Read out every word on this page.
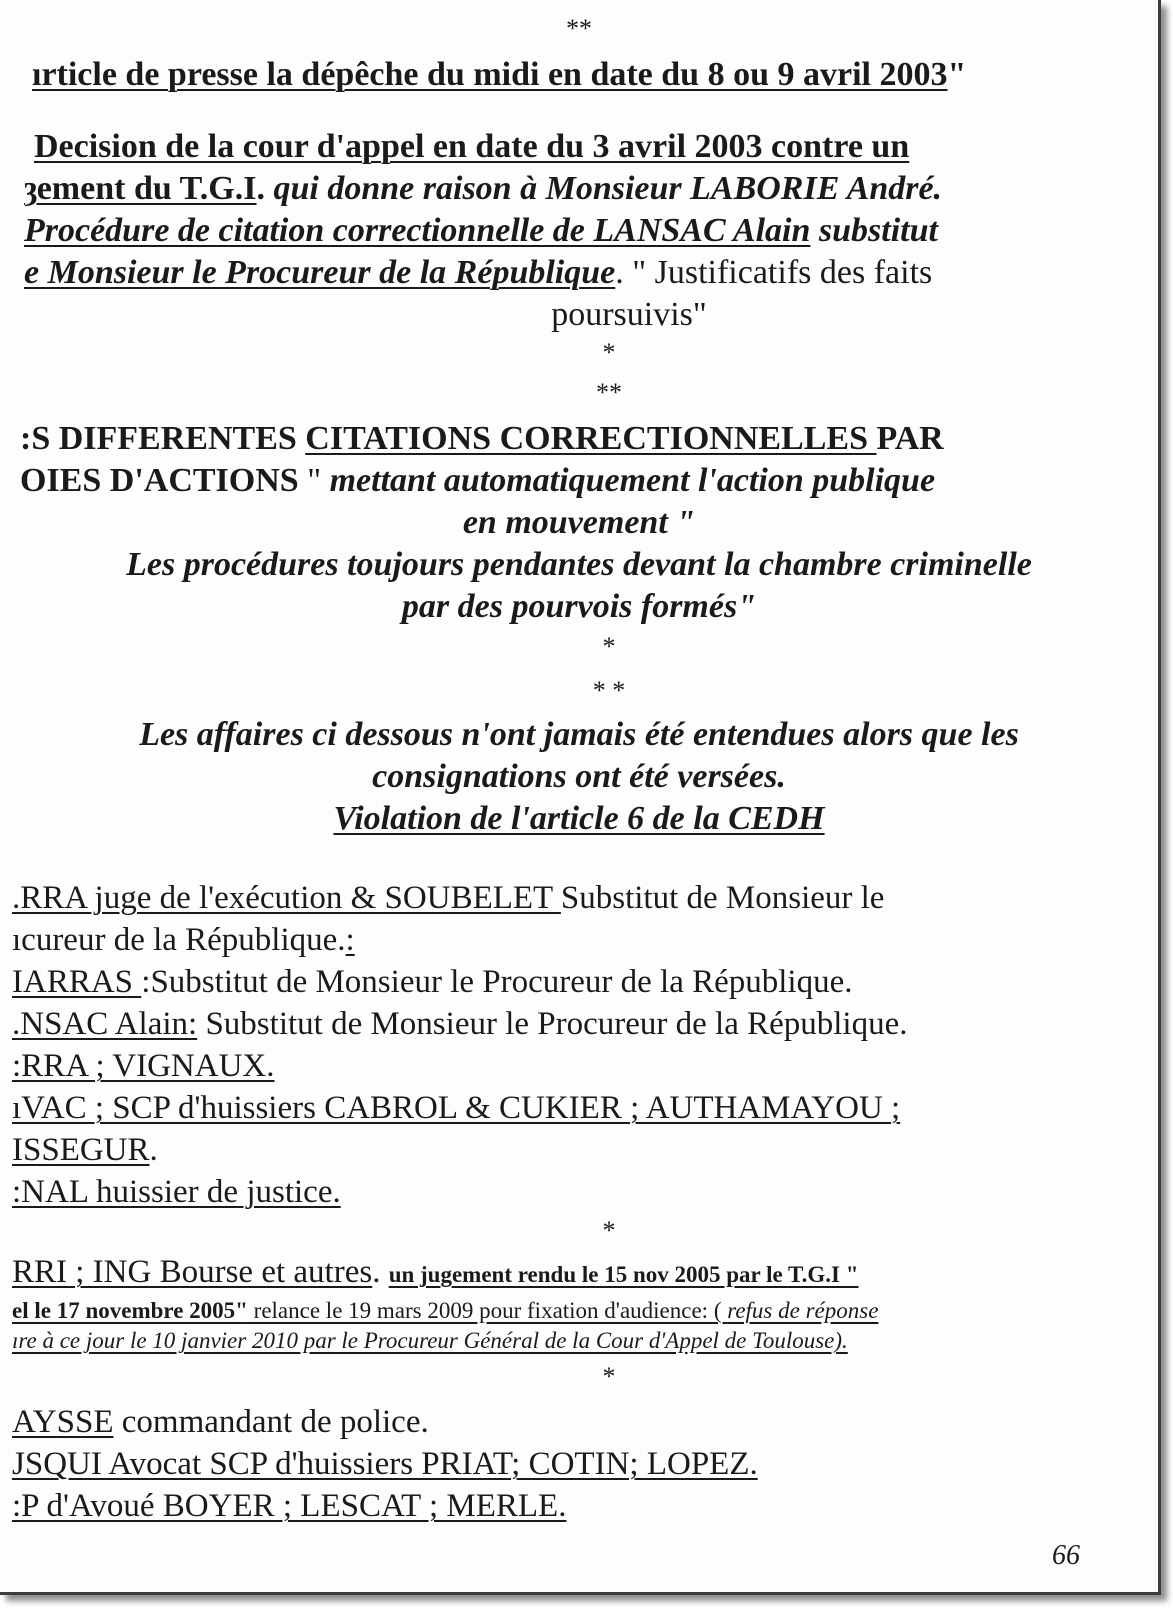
**
ırticle de presse la dépêche du midi en date du 8 ou 9 avril 2003"
Decision de la cour d'appel en date du 3 avril 2003 contre un
ȝement du T.G.I. qui donne raison à Monsieur LABORIE André.
Procédure de citation correctionnelle de LANSAC Alain substitut
e Monsieur le Procureur de la République. " Justificatifs des faits
poursuivis"
*
**
:S DIFFERENTES CITATIONS CORRECTIONNELLES PAR
OIES D'ACTIONS " mettant automatiquement l'action publique
en mouvement "
Les procédures toujours pendantes devant la chambre criminelle
par des pourvois formés"
*
* *
Les affaires ci dessous n'ont jamais été entendues alors que les
consignations ont été versées.
Violation de l'article 6 de la CEDH
.RRA juge de l'exécution & SOUBELET Substitut de Monsieur le
ıcureur de la République.:
IARRAS :Substitut de Monsieur le Procureur de la République.
.NSAC Alain: Substitut de Monsieur le Procureur de la République.
:RRA ; VIGNAUX.
ıVAC ; SCP d'huissiers CABROL & CUKIER ; AUTHAMAYOU ;
ISSEGUR.
:NAL huissier de justice.
*
RRI ; ING Bourse et autres. un jugement rendu le 15 nov 2005 par le T.G.I "
el le 17 novembre 2005" relance le 19 mars 2009 pour fixation d'audience: ( refus de réponse
ıre à ce jour le 10 janvier 2010 par le Procureur Général de la Cour d'Appel de Toulouse).
*
AYSSE commandant de police.
JSQUI Avocat SCP d'huissiers PRIAT; COTIN; LOPEZ.
:P d'Avoué BOYER ; LESCAT ; MERLE.
66
